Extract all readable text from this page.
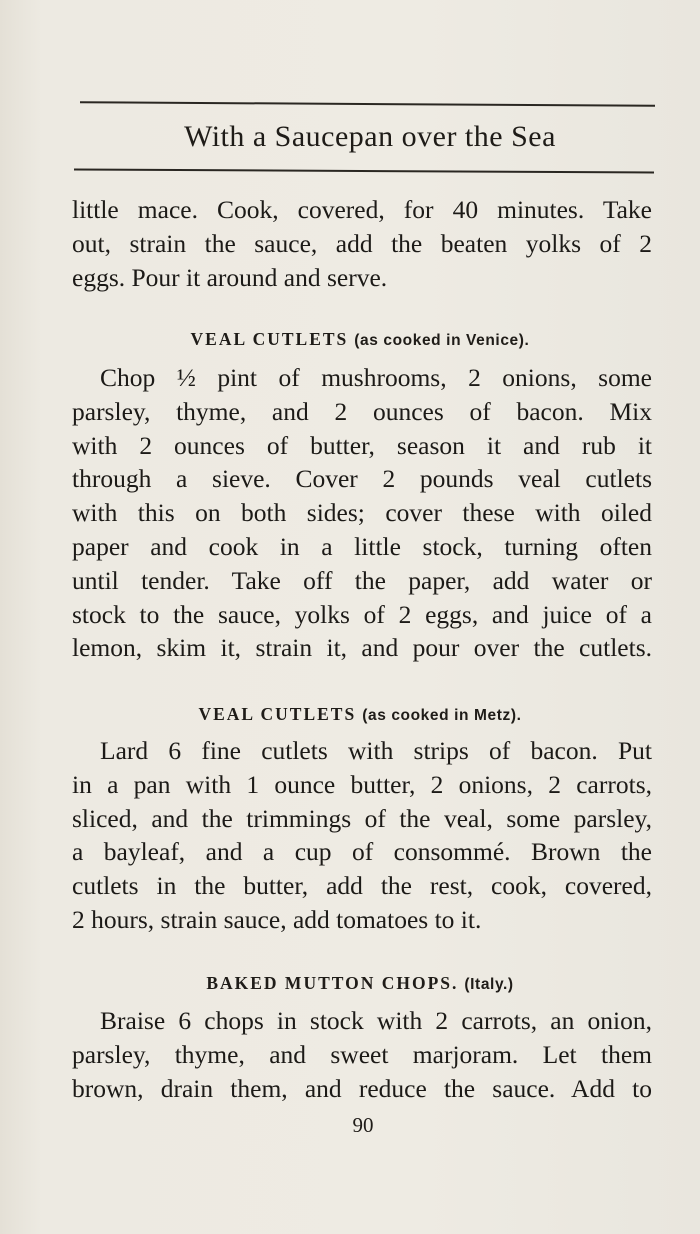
With a Saucepan over the Sea
little mace. Cook, covered, for 40 minutes. Take
out, strain the sauce, add the beaten yolks of 2
eggs. Pour it around and serve.
VEAL CUTLETS (as cooked in Venice).
Chop ½ pint of mushrooms, 2 onions, some
parsley, thyme, and 2 ounces of bacon. Mix
with 2 ounces of butter, season it and rub it
through a sieve. Cover 2 pounds veal cutlets
with this on both sides; cover these with oiled
paper and cook in a little stock, turning often
until tender. Take off the paper, add water or
stock to the sauce, yolks of 2 eggs, and juice of a
lemon, skim it, strain it, and pour over the cutlets.
VEAL CUTLETS (as cooked in Metz).
Lard 6 fine cutlets with strips of bacon. Put
in a pan with 1 ounce butter, 2 onions, 2 carrots,
sliced, and the trimmings of the veal, some parsley,
a bayleaf, and a cup of consommé. Brown the
cutlets in the butter, add the rest, cook, covered,
2 hours, strain sauce, add tomatoes to it.
BAKED MUTTON CHOPS. (Italy.)
Braise 6 chops in stock with 2 carrots, an onion,
parsley, thyme, and sweet marjoram. Let them
brown, drain them, and reduce the sauce. Add to
90
